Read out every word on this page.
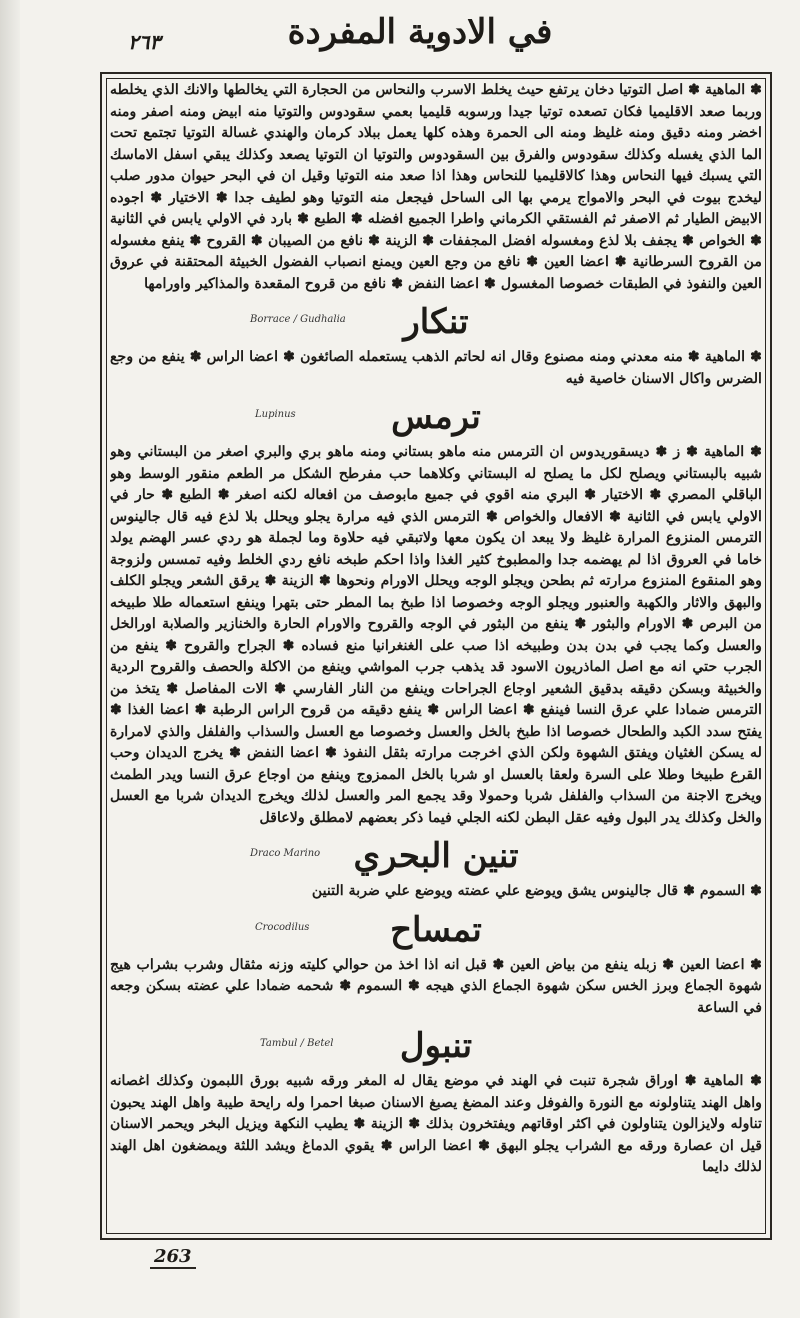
٢٦٣	في الادوية المفردة

✽ الماهية ✽ اصل التوتيا دخان يرتفع حيث يخلط الاسرب والنحاس من الحجارة التي يخالطها والانك الذي يخلطه وربما صعد الاقليميا فكان تصعده توتيا جيدا ورسوبه قليميا بعمي سقودوس والتوتيا منه ابيض ومنه اصفر ومنه اخضر ومنه دقيق ومنه غليظ ومنه الى الحمرة وهذه كلها يعمل ببلاد كرمان والهندي غسالة التوتيا تجتمع تحت الما الذي يغسله وكذلك سقودوس والفرق بين السقودوس والتوتيا ان التوتيا يصعد وكذلك يبقي اسفل الاماسك التي يسبك فيها النحاس وهذا كالاقليميا للنحاس وهذا اذا صعد منه التوتيا وقيل ان في البحر حيوان مدور صلب ليخدج بيوت في البحر والامواج يرمي بها الى الساحل فيجعل منه التوتيا وهو لطيف جدا ✽ الاختيار ✽ اجوده الابيض الطيار ثم الاصفر ثم الفستقي الكرماني واطرا الجميع افضله ✽ الطبع ✽ بارد في الاولي يابس في الثانية ✽ الخواص ✽ يجفف بلا لذع ومغسوله افضل المجففات ✽ الزينة ✽ نافع من الصيبان ✽ القروح ✽ ينفع مغسوله من القروح السرطانية ✽ اعضا العين ✽ نافع من وجع العين ويمنع انصباب الفضول الخبيثة المحتقنة في عروق العين والنفوذ في الطبقات خصوصا المغسول ✽ اعضا النفض ✽ نافع من قروح المقعدة والمذاكير واورامها

تنكار
Borrace / Gudhalia

✽ الماهية ✽ منه معدني ومنه مصنوع وقال انه لحاتم الذهب يستعمله الصائغون ✽ اعضا الراس ✽ ينفع من وجع الضرس واكال الاسنان خاصية فيه

ترمس
Lupinus

✽ الماهية ✽ ز ✽ ديسقوريدوس ان الترمس منه ماهو بستاني ومنه ماهو بري والبري اصغر من البستاني وهو شبيه بالبستاني ويصلح لكل ما يصلح له البستاني وكلاهما حب مفرطح الشكل مر الطعم منقور الوسط وهو الباقلي المصري ✽ الاختيار ✽ البري منه اقوي في جميع مابوصف من افعاله لكنه اصغر ✽ الطبع ✽ حار في الاولي يابس في الثانية ✽ الافعال والخواص ✽ الترمس الذي فيه مرارة يجلو ويحلل بلا لذع فيه قال جالينوس الترمس المنزوع المرارة غليظ ولا يبعد ان يكون معها ولاتبقي فيه حلاوة وما لجملة هو ردي عسر الهضم يولد خاما في العروق اذا لم يهضمه جدا والمطبوخ كثير الغذا واذا احكم طبخه نافع ردي الخلط وفيه تمسس ولزوجة وهو المنقوع المنزوع مرارته ثم بطحن ويجلو الوجه ويحلل الاورام ونحوها ✽ الزينة ✽ يرقق الشعر ويجلو الكلف والبهق والاثار والكهبة والعنبور ويجلو الوجه وخصوصا اذا طبخ بما المطر حتى بتهرا وينفع استعماله طلا طبيخه من البرص ✽ الاورام والبثور ✽ ينفع من البثور في الوجه والقروح والاورام الحارة والخنازير والصلابة اورالخل والعسل وكما يجب في بدن بدن وطبيخه اذا صب على الغنغرانيا منع فساده ✽ الجراح والقروح ✽ ينفع من الجرب حتي انه مع اصل الماذريون الاسود قد يذهب جرب المواشي وينفع من الاكلة والحصف والقروح الردية والخبيثة وبسكن دقيقه بدقيق الشعير اوجاع الجراحات وينفع من النار الفارسي ✽ الات المفاصل ✽ يتخذ من الترمس ضمادا علي عرق النسا فينفع ✽ اعضا الراس ✽ ينفع دقيقه من قروح الراس الرطبة ✽ اعضا الغذا ✽ يفتح سدد الكبد والطحال خصوصا اذا طبخ بالخل والعسل وخصوصا مع العسل والسذاب والفلفل والذي لامرارة له يسكن الغثيان ويفتق الشهوة ولكن الذي اخرجت مرارته بثقل النفوذ ✽ اعضا النفض ✽ يخرج الديدان وحب القرع طبيخا وطلا على السرة ولعقا بالعسل او شربا بالخل الممزوج وينفع من اوجاع عرق النسا ويدر الطمث ويخرج الاجنة من السذاب والفلفل شربا وحمولا وقد يجمع المر والعسل لذلك ويخرج الديدان شربا مع العسل والخل وكذلك يدر البول وفيه عقل البطن لكنه الجلي فيما ذكر بعضهم لامطلق ولاعاقل

تنين البحري
Draco Marino

✽ السموم ✽ قال جالينوس يشق ويوضع علي عضته ويوضع علي ضربة التنين

تمساح
Crocodilus

✽ اعضا العين ✽ زبله ينفع من بياض العين ✽ قبل انه اذا اخذ من حوالي كليته وزنه مثقال وشرب بشراب هيج شهوة الجماع وبرز الخس سكن شهوة الجماع الذي هيجه ✽ السموم ✽ شحمه ضمادا علي عضته بسكن وجعه في الساعة

تنبول
Tambul / Betel

✽ الماهية ✽ اوراق شجرة تنبت في الهند في موضع يقال له المغر ورقه شبيه بورق اللبمون وكذلك اغصانه واهل الهند يتناولونه مع النورة والفوفل وعند المضغ يصبغ الاسنان صبغا احمرا وله رايحة طيبة واهل الهند يحبون تناوله ولايزالون يتناولون في اكثر اوقاتهم ويفتخرون بذلك ✽ الزينة ✽ يطيب النكهة ويزيل البخر ويحمر الاسنان قيل ان عصارة ورقه مع الشراب يجلو البهق ✽ اعضا الراس ✽ يقوي الدماغ ويشد اللثة ويمضغون اهل الهند لذلك دايما

263
